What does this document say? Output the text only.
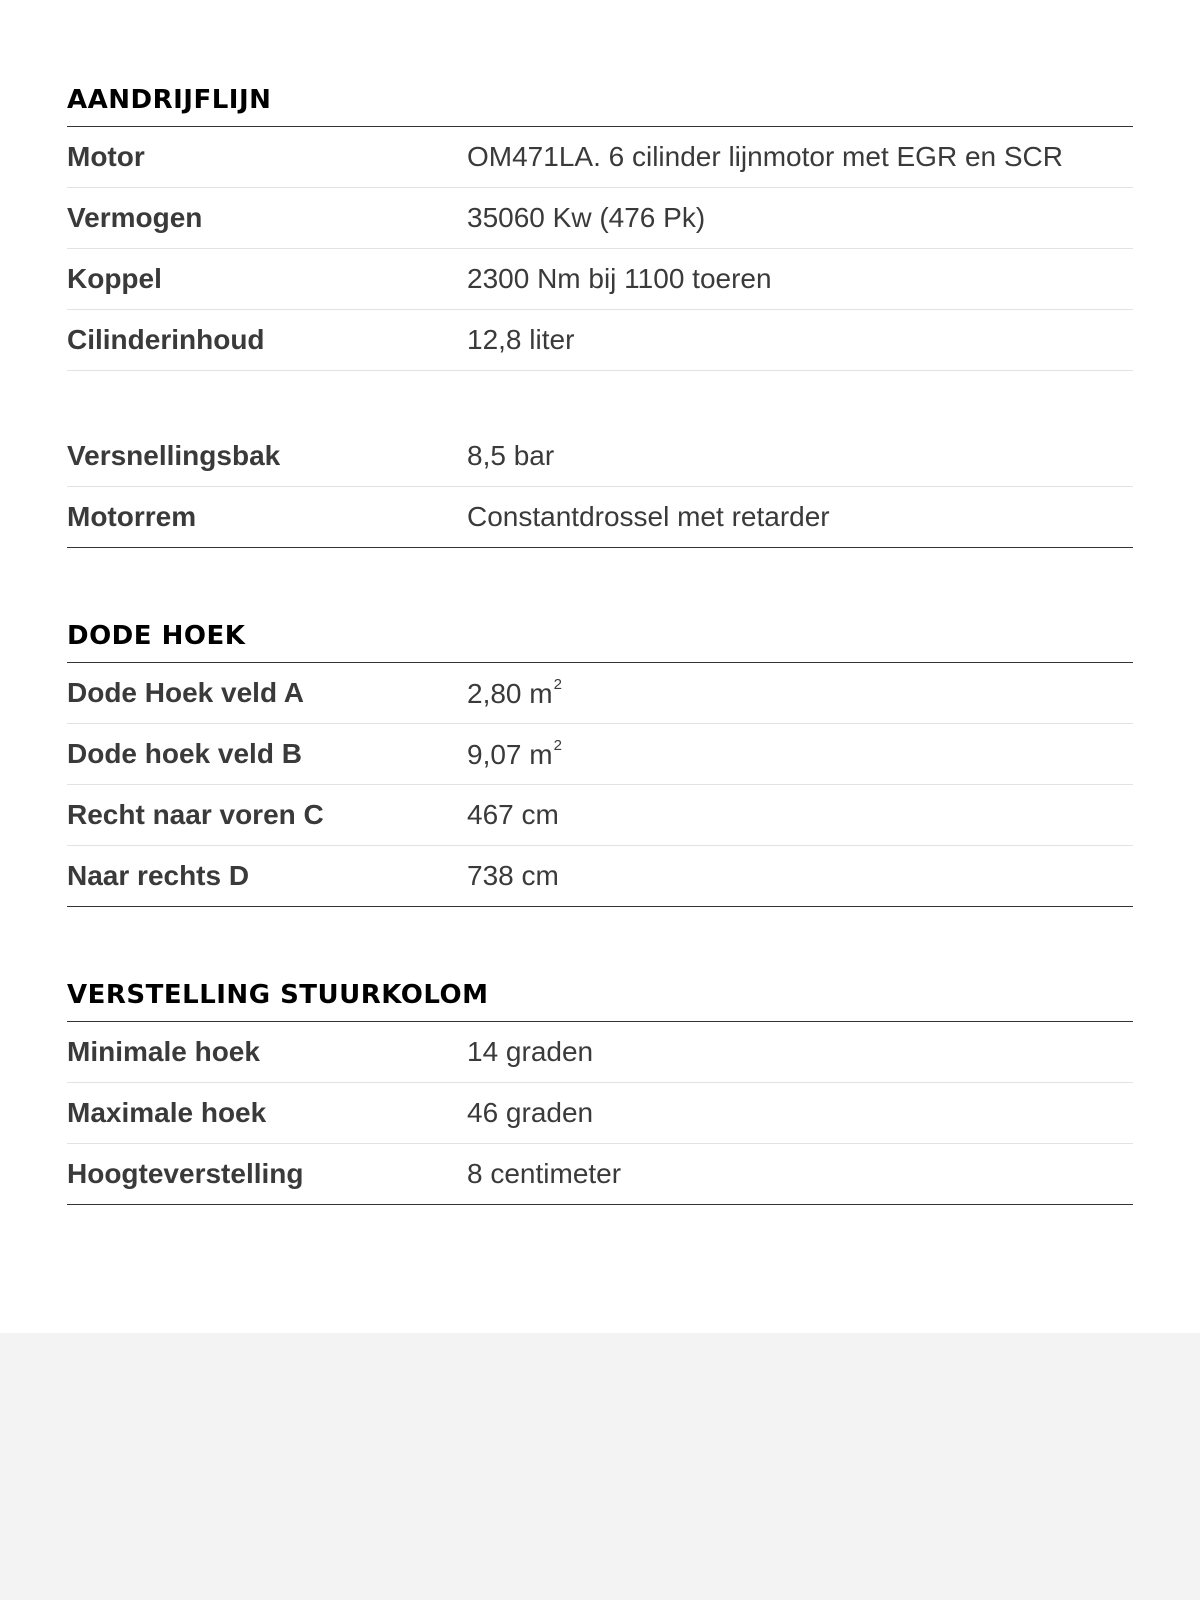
AANDRIJFLIJN
Motor	OM471LA. 6 cilinder lijnmotor met EGR en SCR
Vermogen	35060 Kw (476 Pk)
Koppel	2300 Nm bij 1100 toeren
Cilinderinhoud	12,8 liter
Versnellingsbak	8,5 bar
Motorrem	Constantdrossel met retarder
DODE HOEK
Dode Hoek veld A	2,80 $m^2$
Dode hoek veld B	9,07 $m^2$
Recht naar voren C	467 cm
Naar rechts D	738 cm
VERSTELLING STUURKOLOM
Minimale hoek	14 graden
Maximale hoek	46 graden
Hoogteverstelling	8 centimeter
